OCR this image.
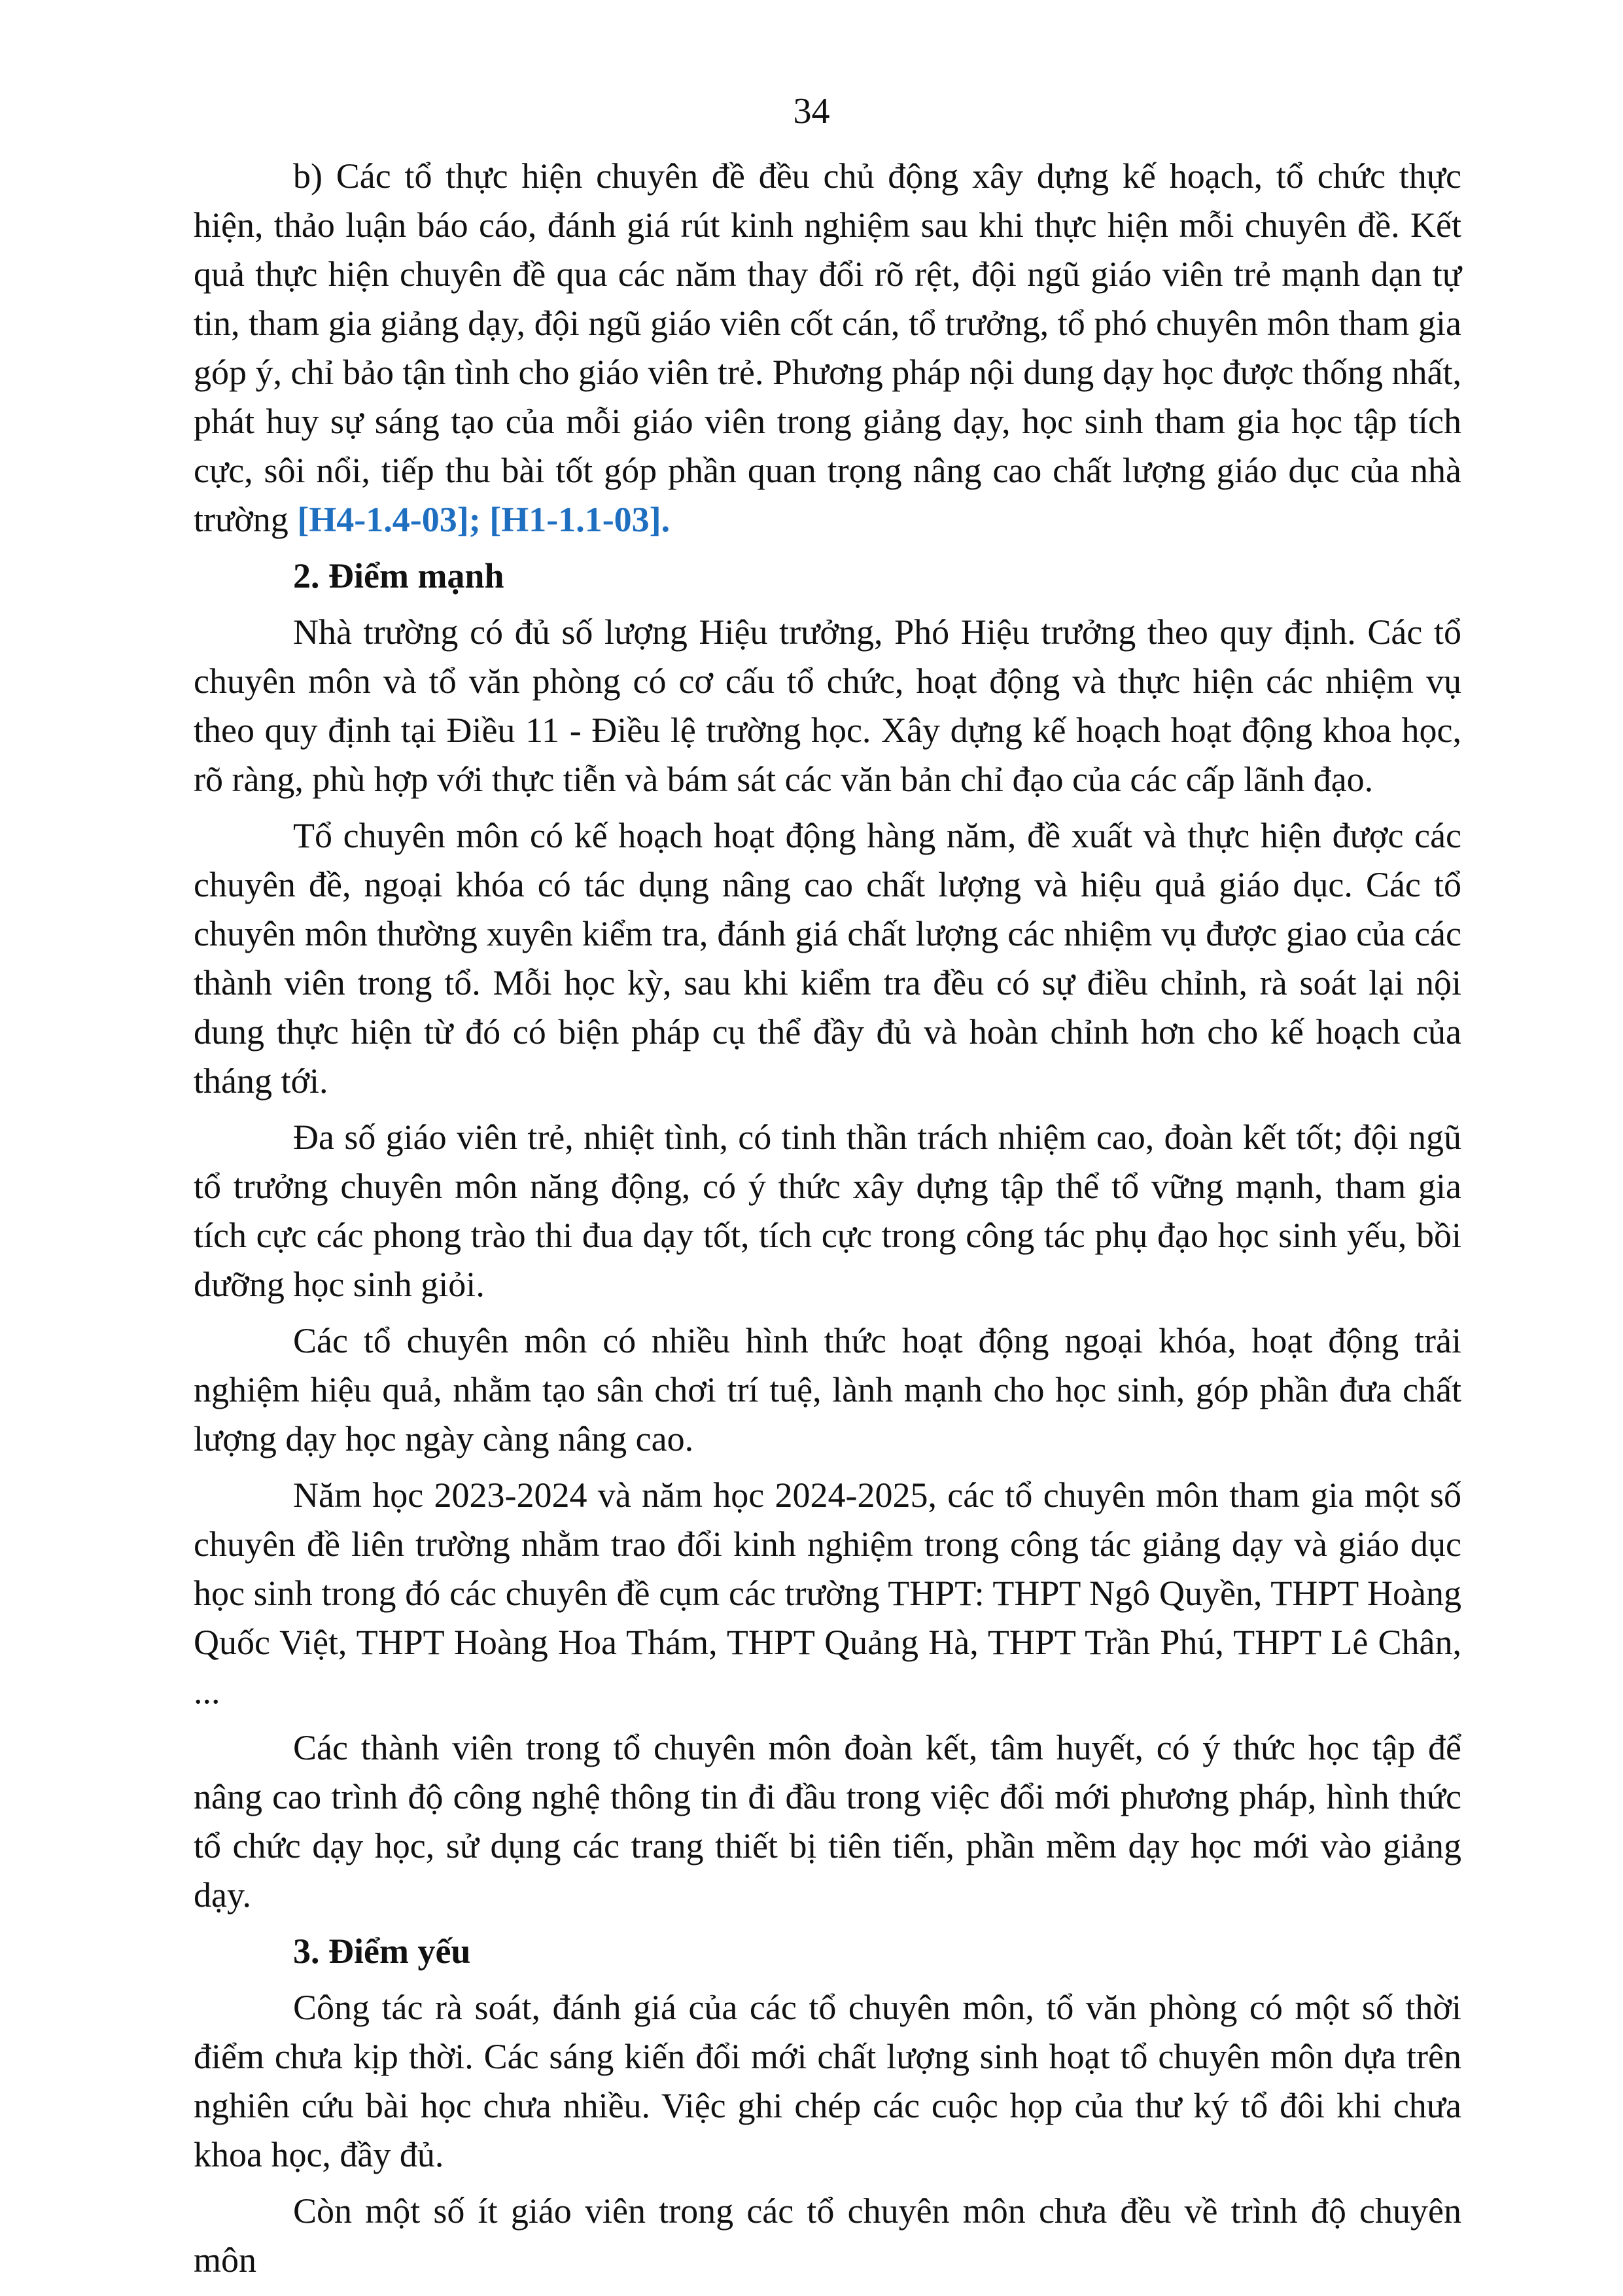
34

b) Các tổ thực hiện chuyên đề đều chủ động xây dựng kế hoạch, tổ chức thực hiện, thảo luận báo cáo, đánh giá rút kinh nghiệm sau khi thực hiện mỗi chuyên đề. Kết quả thực hiện chuyên đề qua các năm thay đổi rõ rệt, đội ngũ giáo viên trẻ mạnh dạn tự tin, tham gia giảng dạy, đội ngũ giáo viên cốt cán, tổ trưởng, tổ phó chuyên môn tham gia góp ý, chỉ bảo tận tình cho giáo viên trẻ. Phương pháp nội dung dạy học được thống nhất, phát huy sự sáng tạo của mỗi giáo viên trong giảng dạy, học sinh tham gia học tập tích cực, sôi nổi, tiếp thu bài tốt góp phần quan trọng nâng cao chất lượng giáo dục của nhà trường [H4-1.4-03]; [H1-1.1-03].

2. Điểm mạnh

Nhà trường có đủ số lượng Hiệu trưởng, Phó Hiệu trưởng theo quy định. Các tổ chuyên môn và tổ văn phòng có cơ cấu tổ chức, hoạt động và thực hiện các nhiệm vụ theo quy định tại Điều 11 - Điều lệ trường học. Xây dựng kế hoạch hoạt động khoa học, rõ ràng, phù hợp với thực tiễn và bám sát các văn bản chỉ đạo của các cấp lãnh đạo.

Tổ chuyên môn có kế hoạch hoạt động hàng năm, đề xuất và thực hiện được các chuyên đề, ngoại khóa có tác dụng nâng cao chất lượng và hiệu quả giáo dục. Các tổ chuyên môn thường xuyên kiểm tra, đánh giá chất lượng các nhiệm vụ được giao của các thành viên trong tổ. Mỗi học kỳ, sau khi kiểm tra đều có sự điều chỉnh, rà soát lại nội dung thực hiện từ đó có biện pháp cụ thể đầy đủ và hoàn chỉnh hơn cho kế hoạch của tháng tới.

Đa số giáo viên trẻ, nhiệt tình, có tinh thần trách nhiệm cao, đoàn kết tốt; đội ngũ tổ trưởng chuyên môn năng động, có ý thức xây dựng tập thể tổ vững mạnh, tham gia tích cực các phong trào thi đua dạy tốt, tích cực trong công tác phụ đạo học sinh yếu, bồi dưỡng học sinh giỏi.

Các tổ chuyên môn có nhiều hình thức hoạt động ngoại khóa, hoạt động trải nghiệm hiệu quả, nhằm tạo sân chơi trí tuệ, lành mạnh cho học sinh, góp phần đưa chất lượng dạy học ngày càng nâng cao.

Năm học 2023-2024 và năm học 2024-2025, các tổ chuyên môn tham gia một số chuyên đề liên trường nhằm trao đổi kinh nghiệm trong công tác giảng dạy và giáo dục học sinh trong đó các chuyên đề cụm các trường THPT: THPT Ngô Quyền, THPT Hoàng Quốc Việt, THPT Hoàng Hoa Thám, THPT Quảng Hà, THPT Trần Phú, THPT Lê Chân, ...

Các thành viên trong tổ chuyên môn đoàn kết, tâm huyết, có ý thức học tập để nâng cao trình độ công nghệ thông tin đi đầu trong việc đổi mới phương pháp, hình thức tổ chức dạy học, sử dụng các trang thiết bị tiên tiến, phần mềm dạy học mới vào giảng dạy.

3. Điểm yếu

Công tác rà soát, đánh giá của các tổ chuyên môn, tổ văn phòng có một số thời điểm chưa kịp thời. Các sáng kiến đổi mới chất lượng sinh hoạt tổ chuyên môn dựa trên nghiên cứu bài học chưa nhiều. Việc ghi chép các cuộc họp của thư ký tổ đôi khi chưa khoa học, đầy đủ.

Còn một số ít giáo viên trong các tổ chuyên môn chưa đều về trình độ chuyên môn
